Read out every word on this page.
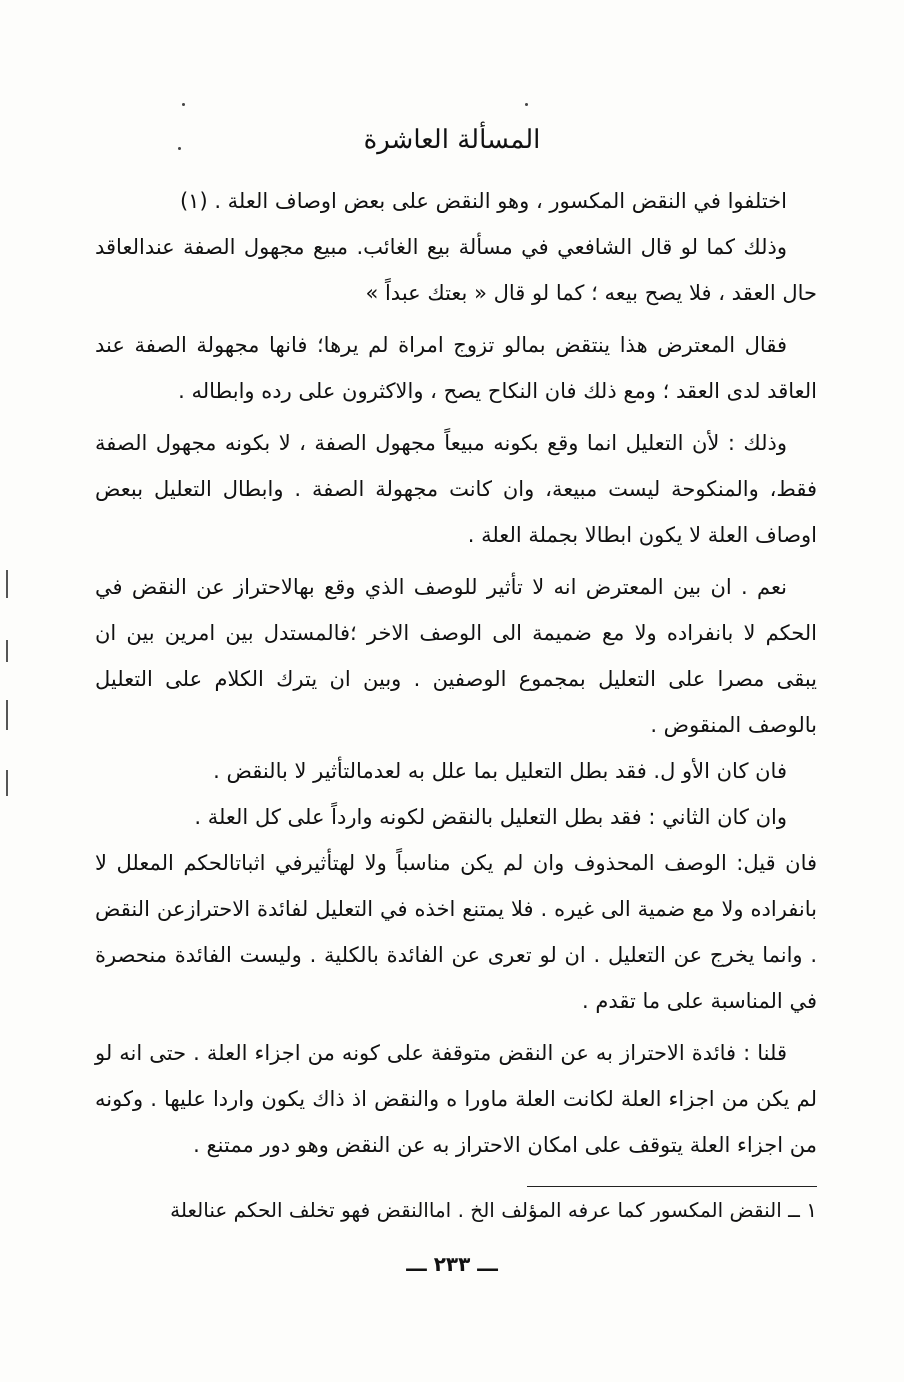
المسألة العاشرة

اختلفوا في النقض المكسور ، وهو النقض على بعض اوصاف العلة . (١)

وذلك كما لو قال الشافعي في مسألة بيع الغائب. مبيع مجهول الصفة عندالعاقد حال العقد ، فلا يصح بيعه ؛ كما لو قال « بعتك عبداً »

فقال المعترض هذا ينتقض بمالو تزوج امراة لم يرها؛ فانها مجهولة الصفة عند العاقد لدى العقد ؛ ومع ذلك فان النكاح يصح ، والاكثرون على رده وابطاله .

وذلك : لأن التعليل انما وقع بكونه مبيعاً مجهول الصفة ، لا بكونه مجهول الصفة فقط، والمنكوحة ليست مبيعة، وان كانت مجهولة الصفة . وابطال التعليل ببعض اوصاف العلة لا يكون ابطالا بجملة العلة .

نعم . ان بين المعترض انه لا تأثير للوصف الذي وقع بهالاحتراز عن النقض في الحكم لا بانفراده ولا مع ضميمة الى الوصف الاخر ؛فالمستدل بين امرين بين ان يبقى مصرا على التعليل بمجموع الوصفين . وبين ان يترك الكلام على التعليل بالوصف المنقوض .

فان كان الأو ل. فقد بطل التعليل بما علل به لعدمالتأثير لا بالنقض .

وان كان الثاني : فقد بطل التعليل بالنقض لكونه وارداً على كل العلة .

فان قيل: الوصف المحذوف وان لم يكن مناسباً ولا لهتأثيرفي اثباتالحكم المعلل لا بانفراده ولا مع ضمية الى غيره . فلا يمتنع اخذه في التعليل لفائدة الاحترازعن النقض . وانما يخرج عن التعليل . ان لو تعرى عن الفائدة بالكلية . وليست الفائدة منحصرة في المناسبة على ما تقدم .

قلنا : فائدة الاحتراز به عن النقض متوقفة على كونه من اجزاء العلة . حتى انه لو لم يكن من اجزاء العلة لكانت العلة ماورا ه والنقض اذ ذاك يكون واردا عليها . وكونه من اجزاء العلة يتوقف على امكان الاحتراز به عن النقض وهو دور ممتنع .

١ ــ النقض المكسور كما عرفه المؤلف الخ . اماالنقض فهو تخلف الحكم عنالعلة
ـــ ٢٣٣ ـــ
